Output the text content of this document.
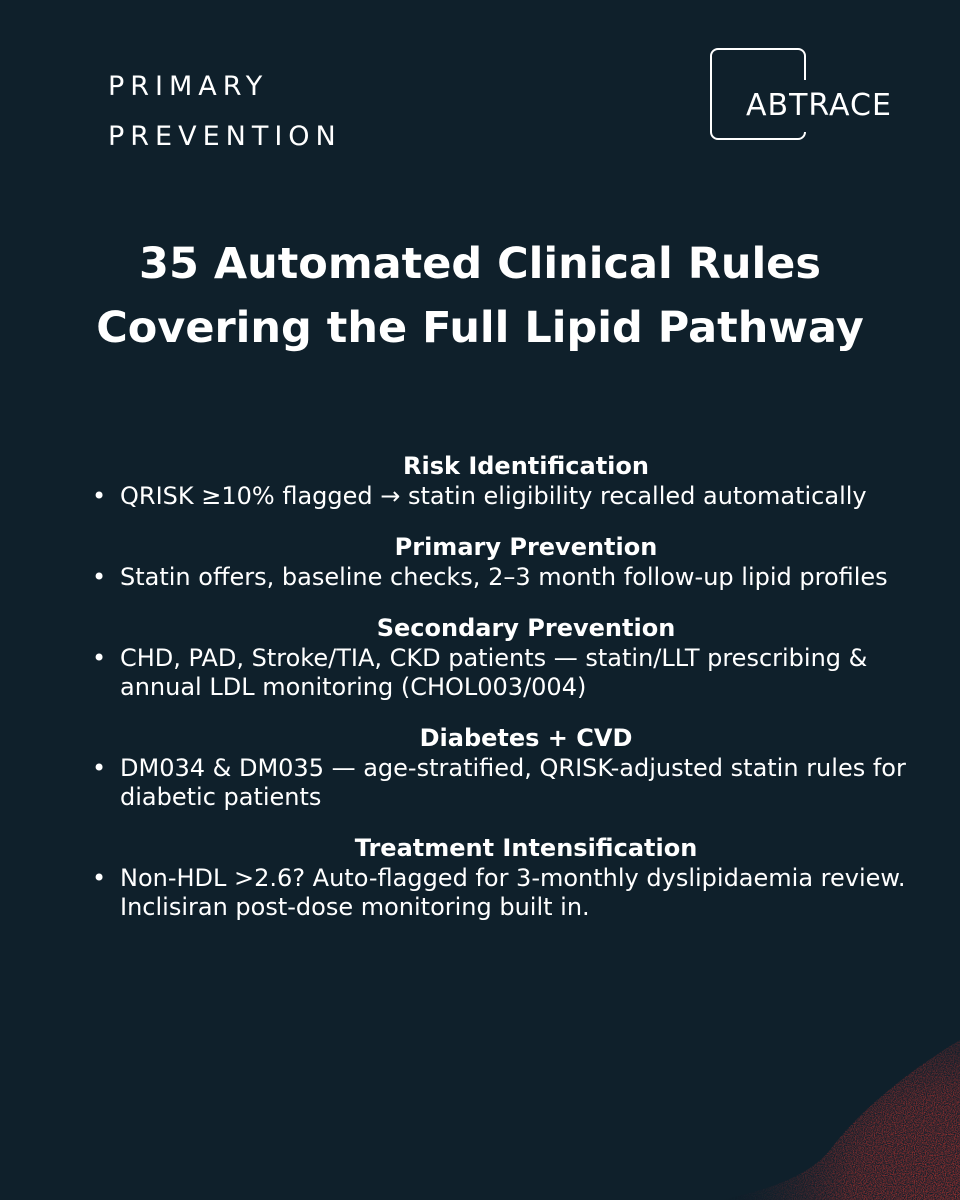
PRIMARY
PREVENTION
ABTRACE
35 Automated Clinical Rules
Covering the Full Lipid Pathway
Risk Identification
• QRISK ≥10% flagged → statin eligibility recalled automatically
Primary Prevention
• Statin offers, baseline checks, 2–3 month follow-up lipid profiles
Secondary Prevention
• CHD, PAD, Stroke/TIA, CKD patients — statin/LLT prescribing & annual LDL monitoring (CHOL003/004)
Diabetes + CVD
• DM034 & DM035 — age-stratified, QRISK-adjusted statin rules for diabetic patients
Treatment Intensification
• Non-HDL >2.6? Auto-flagged for 3-monthly dyslipidaemia review. Inclisiran post-dose monitoring built in.
